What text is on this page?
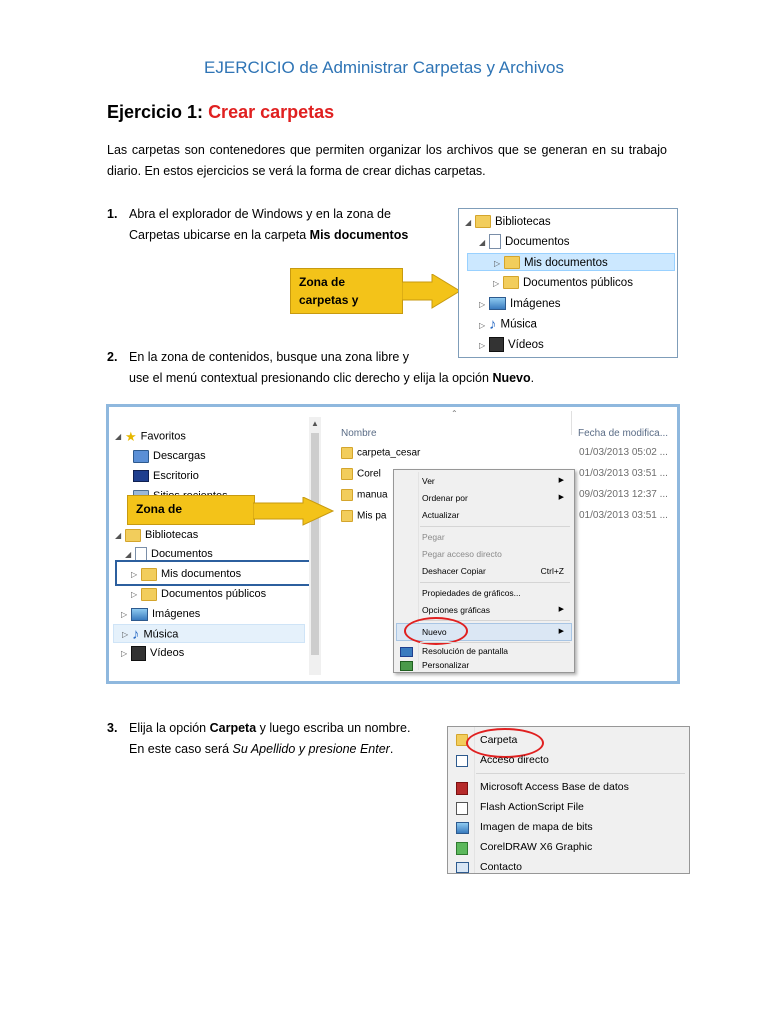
EJERCICIO de Administrar Carpetas y Archivos
Ejercicio 1: Crear carpetas
Las carpetas son contenedores que permiten organizar los archivos que se generan en su trabajo diario. En estos ejercicios se verá la forma de crear dichas carpetas.
1. Abra el explorador de Windows y en la zona de
Carpetas ubicarse en la carpeta Mis documentos
Zona de
carpetas y
◢ Bibliotecas
◢ Documentos
▷ Mis documentos
▷ Documentos públicos
▷ Imágenes
▷ ♪ Música
▷ Vídeos
2. En la zona de contenidos, busque una zona libre y
use el menú contextual presionando clic derecho y elija la opción Nuevo.
◢ ★ Favoritos
Descargas
Escritorio
◢ Bibliotecas
◢ Documentos
▷ Mis documentos
▷ Documentos públicos
▷ Imágenes
▷ ♪ Música
▷ Vídeos
▲
Nombre
⌃
Fecha de modifica...
carpeta_cesar	01/03/2013 05:02 ...
Corel	01/03/2013 03:51 ...
manua	09/03/2013 12:37 ...
Mis pa	01/03/2013 03:51 ...
Ver	▶
Ordenar por	▶
Actualizar
Pegar
Pegar acceso directo
Deshacer Copiar	Ctrl+Z
Propiedades de gráficos...
Opciones gráficas	▶
Nuevo	▶
Resolución de pantalla
Personalizar
Zona de
3. Elija la opción Carpeta y luego escriba un nombre.
En este caso será Su Apellido y presione Enter.
Carpeta
Acceso directo
Microsoft Access Base de datos
Flash ActionScript File
Imagen de mapa de bits
CorelDRAW X6 Graphic
Contacto
